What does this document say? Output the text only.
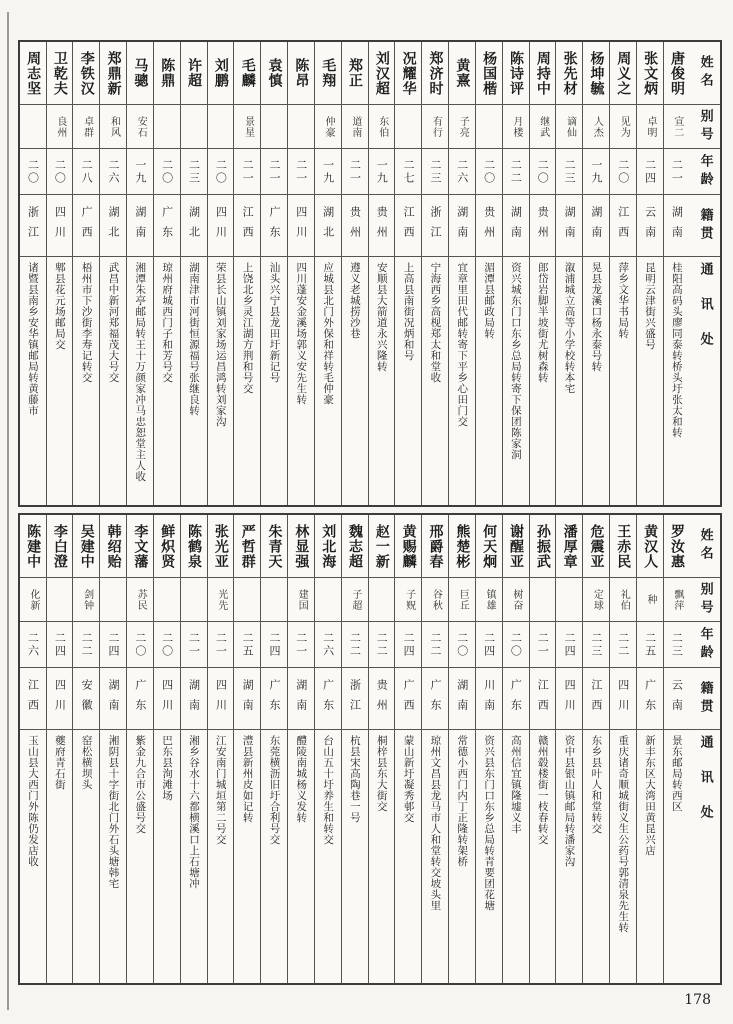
姓名
别号
年龄
籍贯
通讯处
唐俊明
宣二
二一
湖南
桂阳高码头廖同泰转桥头圩张太和转
张文炳
卓明
二四
云南
昆明云津街兴盛号
周义之
见为
二〇
江西
萍乡文华书局转
杨坤毓
人杰
一九
湖南
晃县龙溪口杨永泰号转
张先材
谪仙
二三
湖南
溆浦城立高等小学校转本宅
周持中
继武
二〇
贵州
郎岱岩脚半坡街尤树森转
陈诗评
月楼
二二
湖南
资兴城东门口东乡总局转寄下保团陈家洞
杨国楷
二〇
贵州
湄潭县邮政局转
黄熹
子亮
二六
湖南
宜章里田代邮转寄下平乡心田门交
郑济时
有行
二三
浙江
宁海西乡高枧郑太和堂收
况耀华
二七
江西
上高县南街况炳和号
刘汉超
东伯
一九
贵州
安顺县大箭道永兴隆转
郑正
道南
二一
贵州
遵义老城捞沙巷
毛翔
仲豪
一九
湖北
应城县北门外保和祥转毛仲豪
陈昂
二一
四川
四川蓬安金溪场郭义安先生转
袁慎
二一
广东
汕头兴宁县龙田圩新记号
毛麟
景星
二一
江西
上饶北乡灵江湖方荆和号交
刘鹏
二〇
四川
荣县长山镇刘家场运昌鸿转刘家沟
许超
二三
湖北
湖南津市河街恒源福号张继良转
陈鼎
二〇
广东
琼州府城西门子和芳号交
马骢
安石
一九
湖南
湘潭朱亭邮局转王十万颜家冲马忠恕堂主人收
郑鼎新
和风
二六
湖北
武昌中新河郑福茂大号交
李铁汉
卓群
二八
广西
梧州市下沙街李寿记转交
卫乾夫
良州
二〇
四川
郫县花元场邮局交
周志坚
二〇
浙江
诸暨县南乡安华镇邮局转黄藤市
姓名
别号
年龄
籍贯
通讯处
罗汝惠
飘萍
二三
云南
景东邮局转西区
黄汉人
种
二五
广东
新丰东区大湾田黄昆兴店
王赤民
礼伯
二二
四川
重庆诸奇顺城街义生公药号郭清泉先生转
危震亚
定球
二三
江西
东乡县叶人和堂转交
潘厚章
二四
四川
资中县银山镇邮局转潘家沟
孙振武
二一
江西
赣州毂楼街一枝春转交
谢醒亚
树奋
二〇
广东
高州信宜镇隆墟义丰
何天炯
镇雄
二四
川南
资兴县东门口东乡总局转青要团花塘
熊楚彬
巨丘
二〇
湖南
常德小西门内丁正隆转架桥
邢爵春
谷秋
二二
广东
琼州文昌县龙马市人和堂转交坡头里
黄赐麟
子贶
二四
广西
蒙山新圩凝秀邨交
赵一新
二二
贵州
桐梓县东大街交
魏志超
子超
二二
浙江
杭县宋高陶巷一号
刘北海
二六
广东
台山五十圩养生和转交
林显强
建国
二一
湖南
醴陵南城杨义发转
朱青天
二四
广东
东莞横沥旧圩合利号交
严哲群
二五
湖南
澧县新州皮如记转
张光亚
光先
二一
四川
江安南门城垣第二号交
陈鹤泉
二一
湖南
湘乡谷水十六都横溪口上石塘冲
鲜炽贤
二〇
四川
巴东县洵滩场
李文藩
苏民
二〇
广东
紫金九合市公盛号交
韩绍贻
二四
湖南
湘阴县十字街北门外石头塘韩宅
吴建中
剑钟
二二
安徽
窑松横坝头
李白澄
二四
四川
夔府青石街
陈建中
化新
二六
江西
玉山县大西门外陈仍发店收
178
